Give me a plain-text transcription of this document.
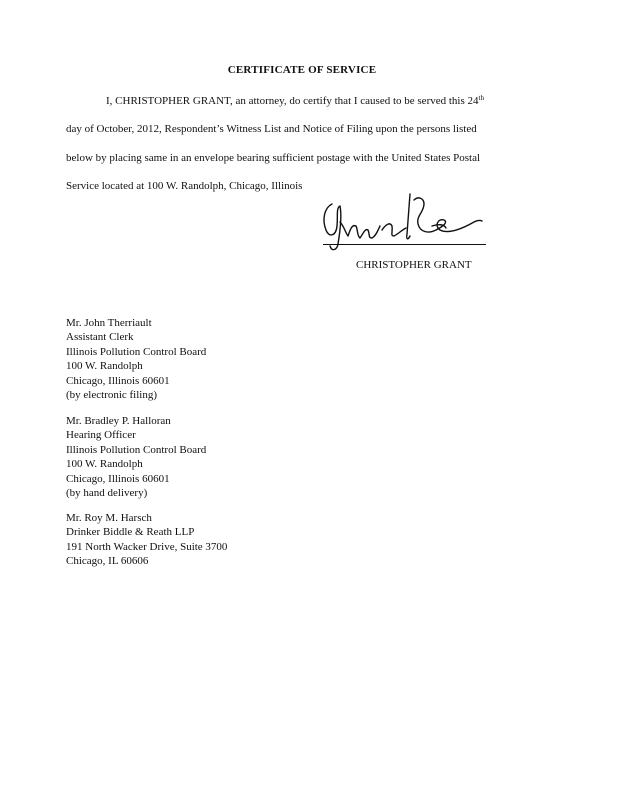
CERTIFICATE OF SERVICE
I, CHRISTOPHER GRANT, an attorney, do certify that I caused to be served this 24th
day of October, 2012, Respondent’s Witness List and Notice of Filing upon the persons listed
below by placing same in an envelope bearing sufficient postage with the United States Postal
Service located at 100 W. Randolph, Chicago, Illinois
CHRISTOPHER GRANT
Mr. John Therriault
Assistant Clerk
Illinois Pollution Control Board
100 W. Randolph
Chicago, Illinois 60601
(by electronic filing)
Mr. Bradley P. Halloran
Hearing Officer
Illinois Pollution Control Board
100 W. Randolph
Chicago, Illinois 60601
(by hand delivery)
Mr. Roy M. Harsch
Drinker Biddle & Reath LLP
191 North Wacker Drive, Suite 3700
Chicago, IL 60606
